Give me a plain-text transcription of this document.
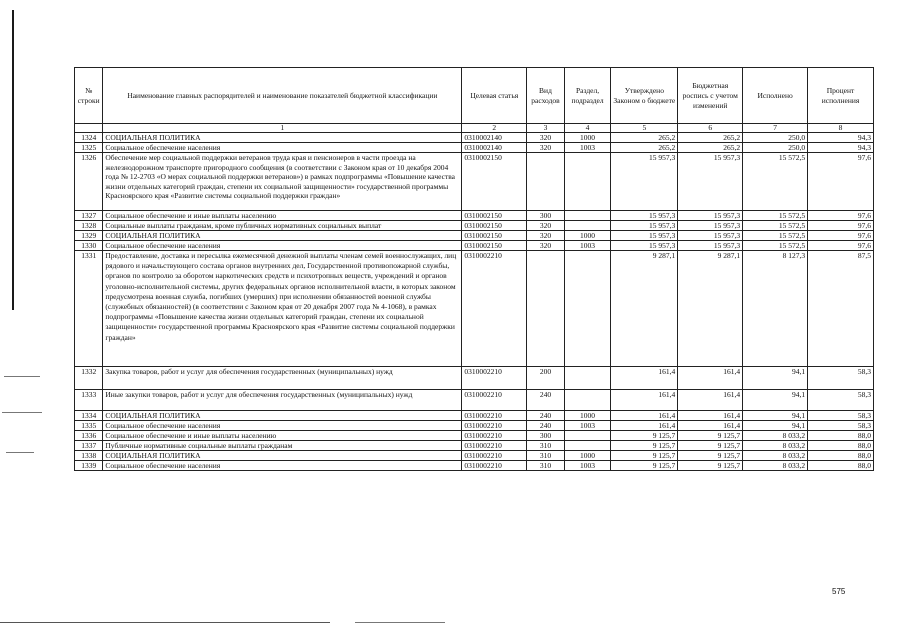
№ строки	Наименование главных распорядителей и наименование показателей бюджетной классификации	Целевая статья	Вид расходов	Раздел, подраздел	Утверждено Законом о бюджете	Бюджетная роспись с учетом изменений	Исполнено	Процент исполнения
	1	2	3	4	5	6	7	8
1324	СОЦИАЛЬНАЯ ПОЛИТИКА	0310002140	320	1000	265,2	265,2	250,0	94,3
1325	Социальное обеспечение населения	0310002140	320	1003	265,2	265,2	250,0	94,3
1326	Обеспечение мер социальной поддержки ветеранов труда края и пенсионеров в части проезда на железнодорожном транспорте пригородного сообщения (в соответствии с Законом края от 10 декабря 2004 года № 12-2703 «О мерах социальной поддержки ветеранов») в рамках подпрограммы «Повышение качества жизни отдельных категорий граждан, степени их социальной защищенности» государственной программы Красноярского края «Развитие системы социальной поддержки граждан»	0310002150			15 957,3	15 957,3	15 572,5	97,6
1327	Социальное обеспечение и иные выплаты населению	0310002150	300		15 957,3	15 957,3	15 572,5	97,6
1328	Социальные выплаты гражданам, кроме публичных нормативных социальных выплат	0310002150	320		15 957,3	15 957,3	15 572,5	97,6
1329	СОЦИАЛЬНАЯ ПОЛИТИКА	0310002150	320	1000	15 957,3	15 957,3	15 572,5	97,6
1330	Социальное обеспечение населения	0310002150	320	1003	15 957,3	15 957,3	15 572,5	97,6
1331	Предоставление, доставка и пересылка ежемесячной денежной выплаты членам семей военнослужащих, лиц рядового и начальствующего состава органов внутренних дел, Государственной противопожарной службы, органов по контролю за оборотом наркотических средств и психотропных веществ, учреждений и органов уголовно-исполнительной системы, других федеральных органов исполнительной власти, в которых законом предусмотрена военная служба, погибших (умерших) при исполнении обязанностей военной службы (служебных обязанностей) (в соответствии с Законом края от 20 декабря 2007 года № 4-1068), в рамках подпрограммы «Повышение качества жизни отдельных категорий граждан, степени их социальной защищенности» государственной программы Красноярского края «Развитие системы социальной поддержки граждан»	0310002210			9 287,1	9 287,1	8 127,3	87,5
1332	Закупка товаров, работ и услуг для обеспечения государственных (муниципальных) нужд	0310002210	200		161,4	161,4	94,1	58,3
1333	Иные закупки товаров, работ и услуг для обеспечения государственных (муниципальных) нужд	0310002210	240		161,4	161,4	94,1	58,3
1334	СОЦИАЛЬНАЯ ПОЛИТИКА	0310002210	240	1000	161,4	161,4	94,1	58,3
1335	Социальное обеспечение населения	0310002210	240	1003	161,4	161,4	94,1	58,3
1336	Социальное обеспечение и иные выплаты населению	0310002210	300		9 125,7	9 125,7	8 033,2	88,0
1337	Публичные нормативные социальные выплаты гражданам	0310002210	310		9 125,7	9 125,7	8 033,2	88,0
1338	СОЦИАЛЬНАЯ ПОЛИТИКА	0310002210	310	1000	9 125,7	9 125,7	8 033,2	88,0
1339	Социальное обеспечение населения	0310002210	310	1003	9 125,7	9 125,7	8 033,2	88,0
575
